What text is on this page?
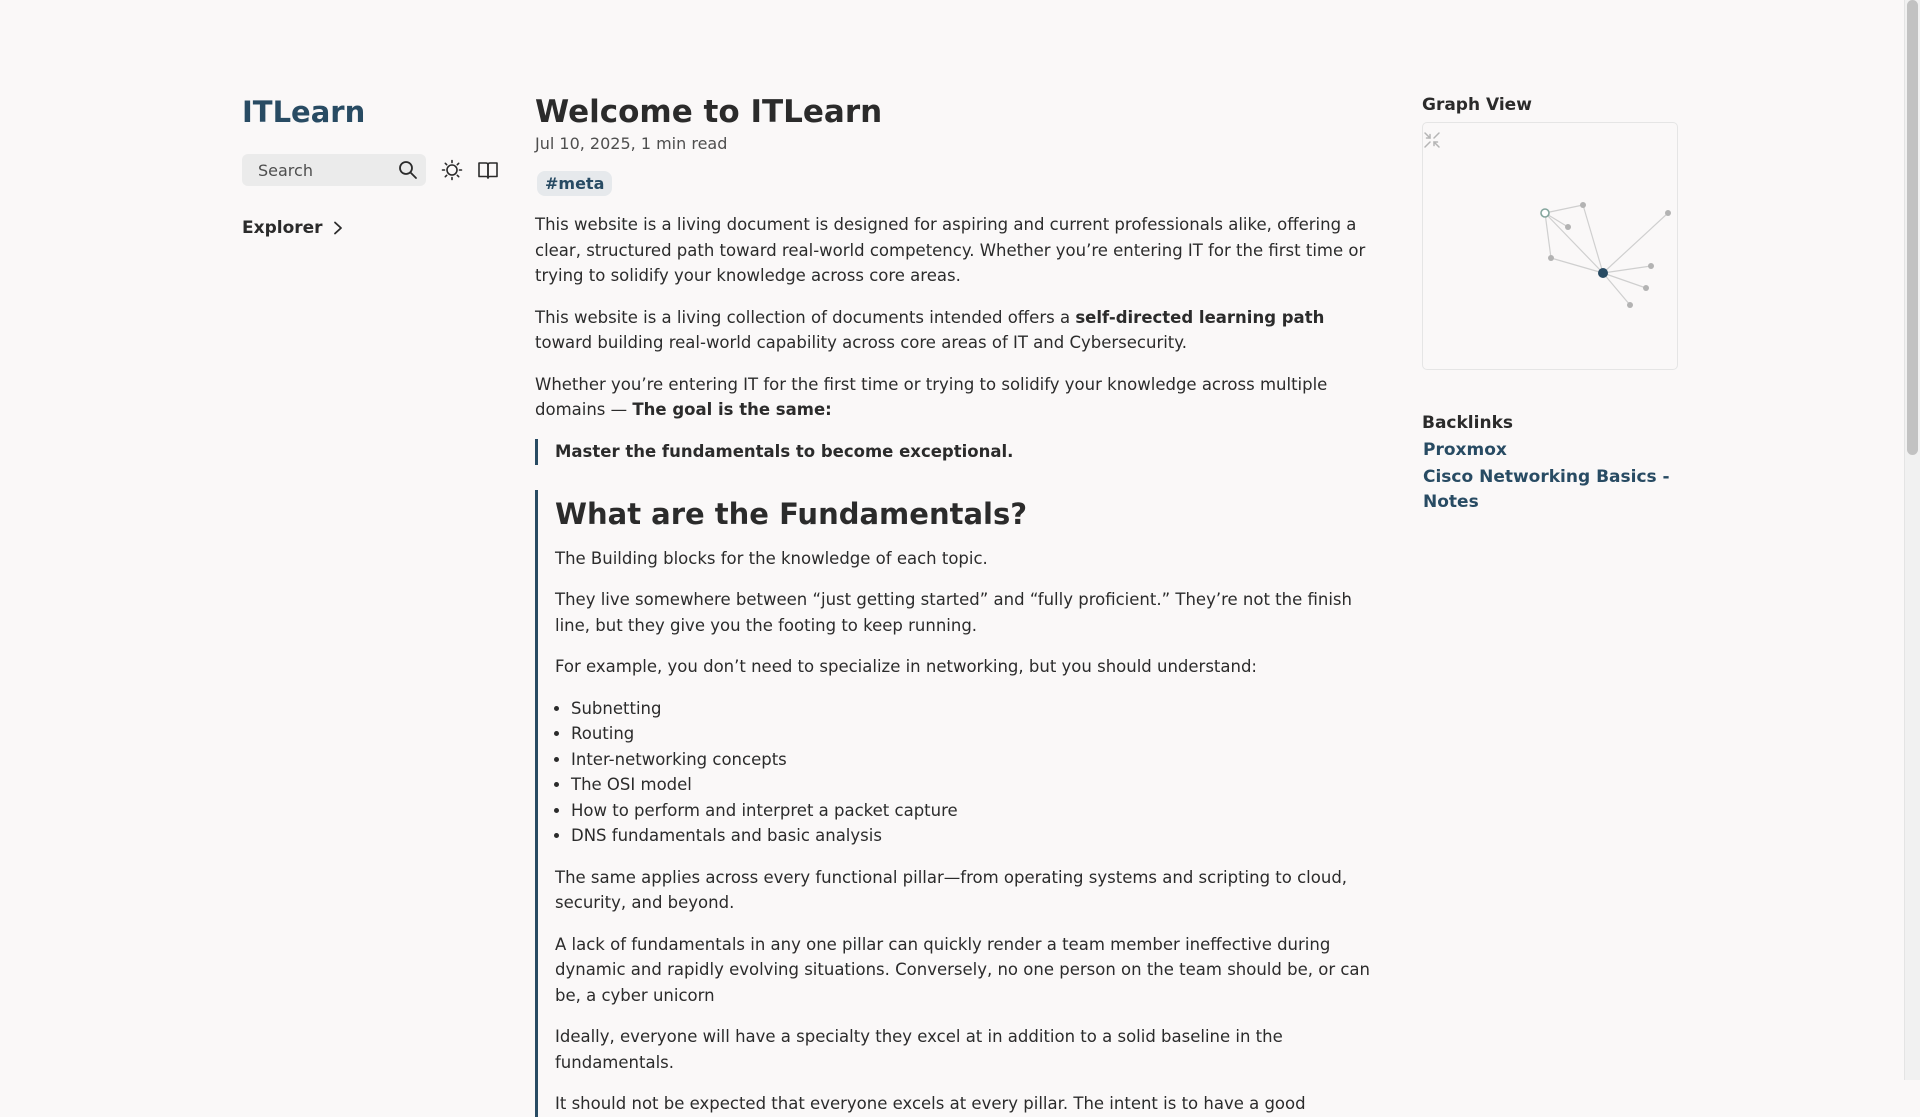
ITLearn
Search
Explorer
Welcome to ITLearn
Jul 10, 2025, 1 min read
#meta

This website is a living document is designed for aspiring and current professionals alike, offering a clear, structured path toward real-world competency. Whether you’re entering IT for the first time or trying to solidify your knowledge across core areas.

This website is a living collection of documents intended offers a self-directed learning path toward building real-world capability across core areas of IT and Cybersecurity.

Whether you’re entering IT for the first time or trying to solidify your knowledge across multiple domains — The goal is the same:

Master the fundamentals to become exceptional.
What are the Fundamentals?

The Building blocks for the knowledge of each topic.

They live somewhere between “just getting started” and “fully proficient.” They’re not the finish line, but they give you the footing to keep running.

For example, you don’t need to specialize in networking, but you should understand:

• Subnetting
• Routing
• Inter-networking concepts
• The OSI model
• How to perform and interpret a packet capture
• DNS fundamentals and basic analysis

The same applies across every functional pillar—from operating systems and scripting to cloud, security, and beyond.

A lack of fundamentals in any one pillar can quickly render a team member ineffective during dynamic and rapidly evolving situations. Conversely, no one person on the team should be, or can be, a cyber unicorn

Ideally, everyone will have a specialty they excel at in addition to a solid baseline in the fundamentals.

It should not be expected that everyone excels at every pillar. The intent is to have a good

Graph View
Backlinks
Proxmox
Cisco Networking Basics - Notes
